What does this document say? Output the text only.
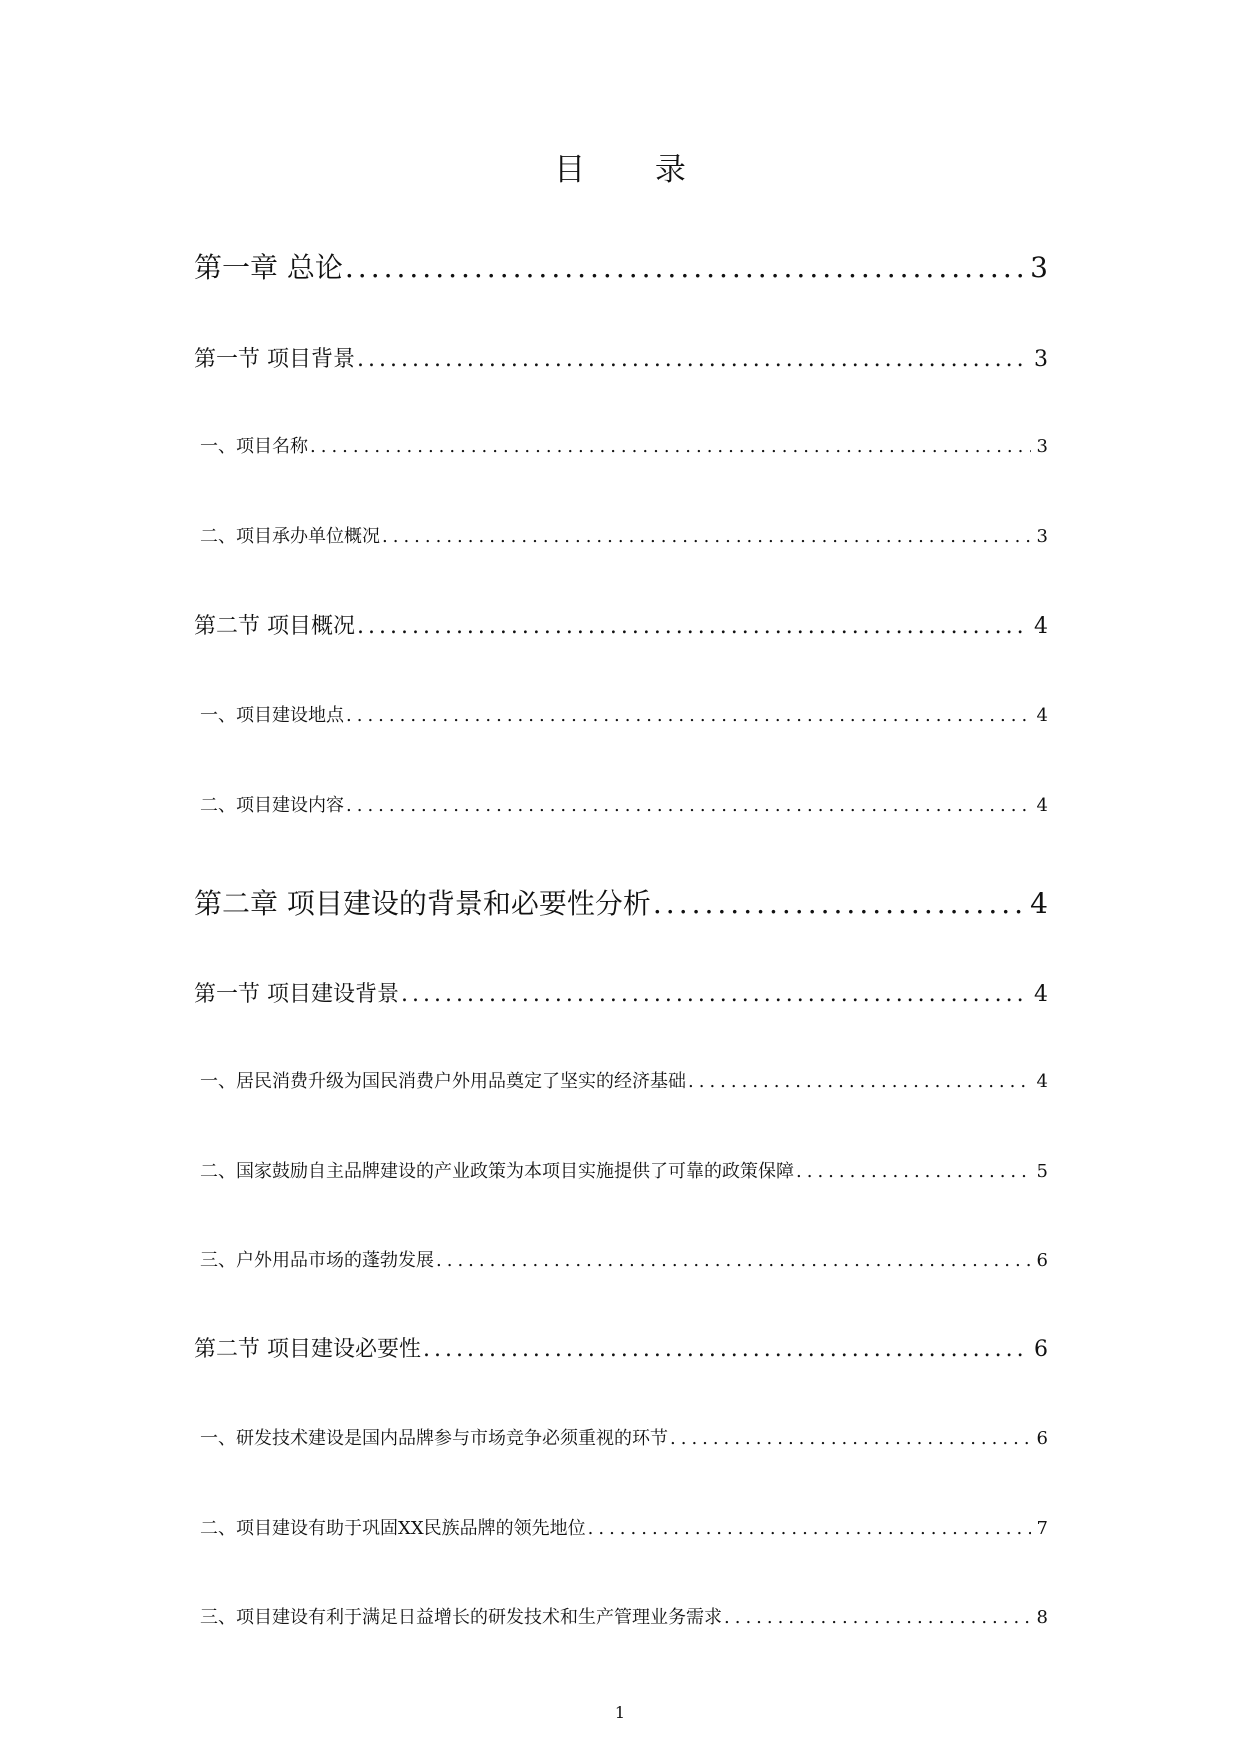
目 录
第一章 总论 .....	3
第一节 项目背景 .....	3
一、项目名称 .....	3
二、项目承办单位概况 .....	3
第二节 项目概况 .....	4
一、项目建设地点 .....	4
二、项目建设内容 .....	4
第二章 项目建设的背景和必要性分析 .....	4
第一节 项目建设背景 .....	4
一、居民消费升级为国民消费户外用品奠定了坚实的经济基础 .....	4
二、国家鼓励自主品牌建设的产业政策为本项目实施提供了可靠的政策保障 .....	5
三、户外用品市场的蓬勃发展 .....	6
第二节 项目建设必要性 .....	6
一、研发技术建设是国内品牌参与市场竞争必须重视的环节 .....	6
二、项目建设有助于巩固XX民族品牌的领先地位 .....	7
三、项目建设有利于满足日益增长的研发技术和生产管理业务需求 .....	8
1
